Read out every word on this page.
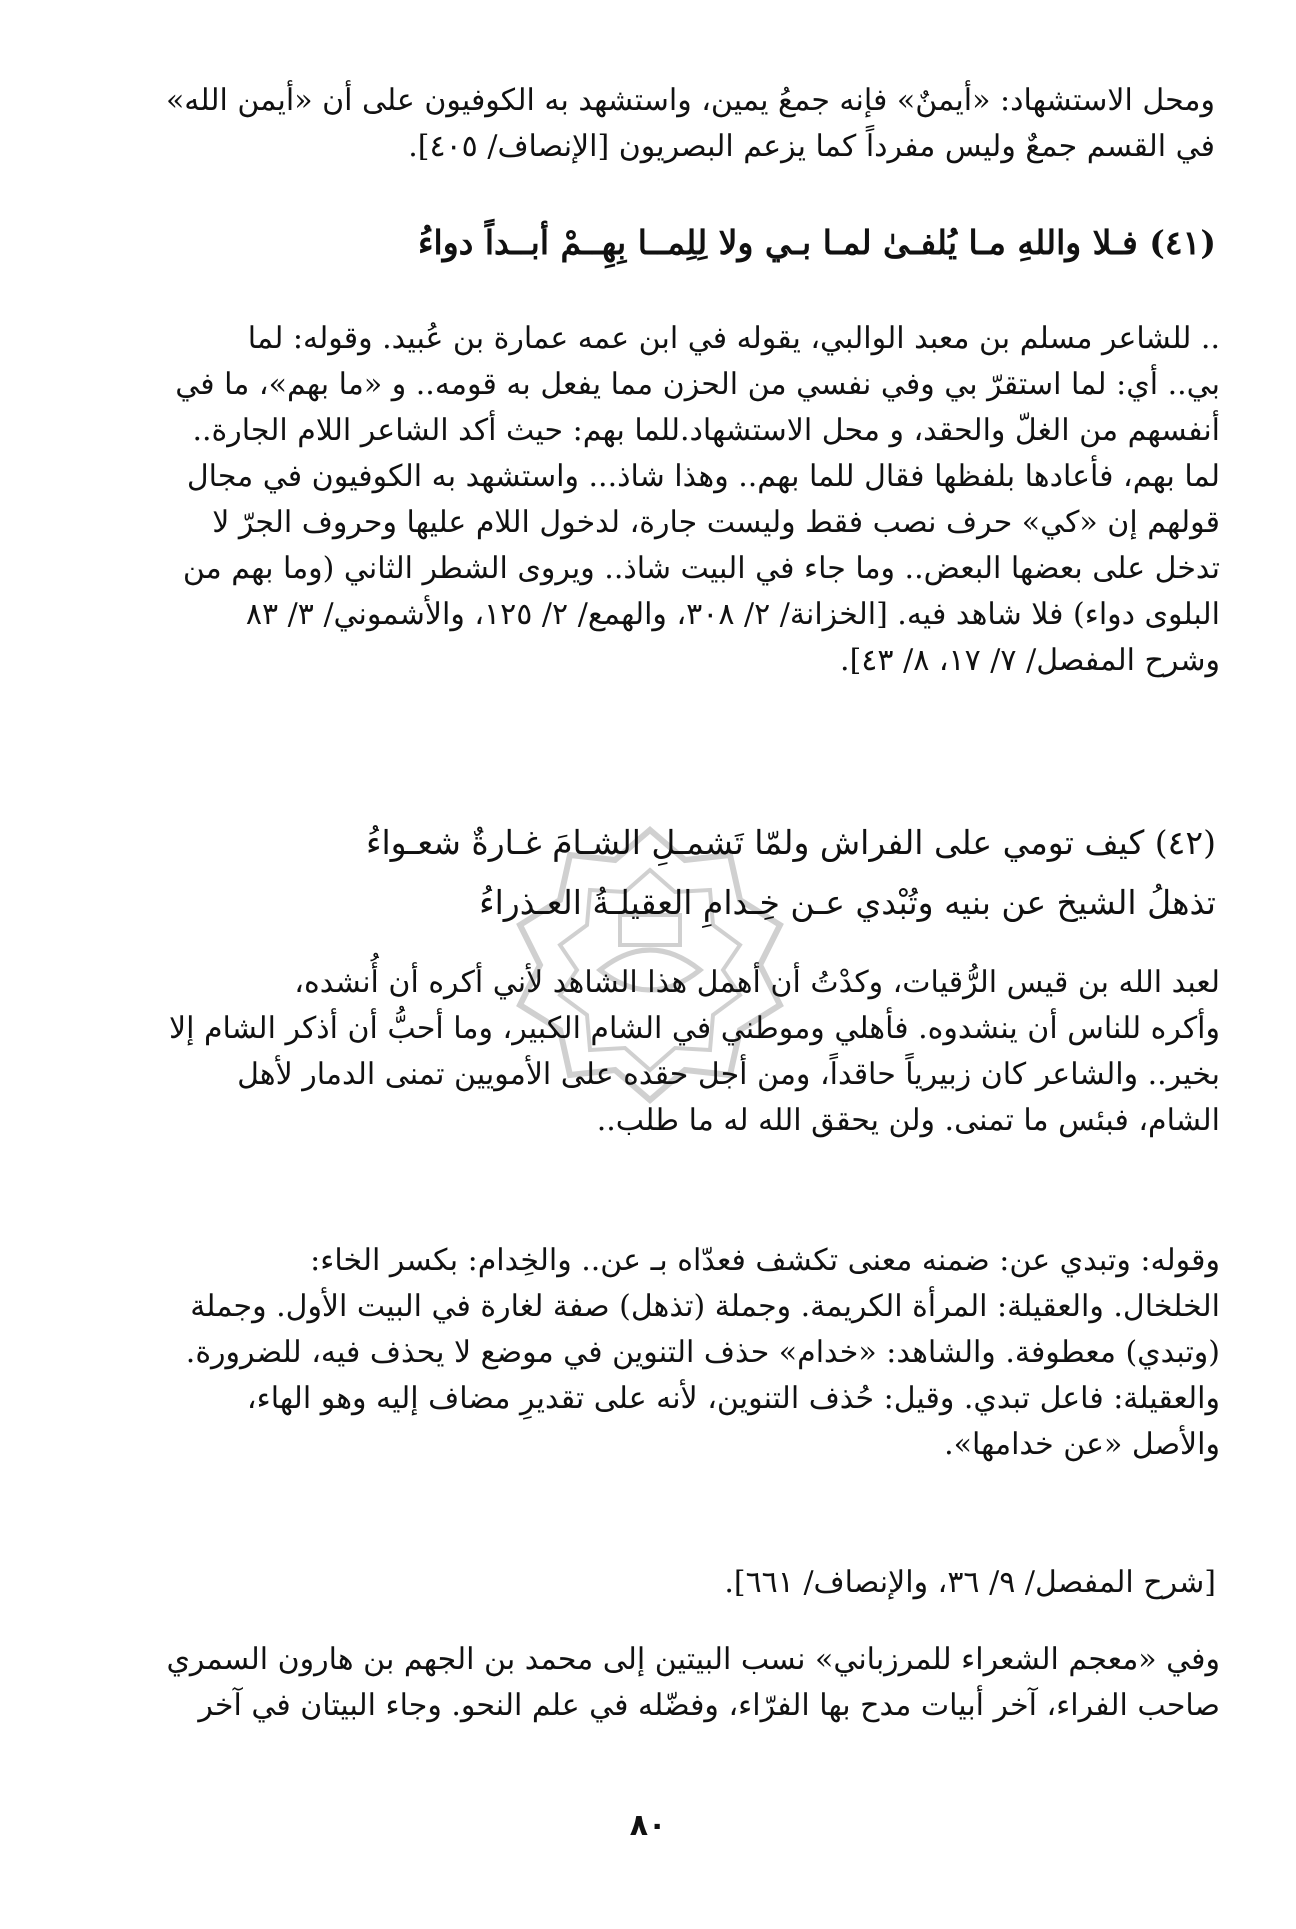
ومحل الاستشهاد: «أيمنٌ» فإنه جمعُ يمين، واستشهد به الكوفيون على أن «أيمن الله»
في القسم جمعٌ وليس مفرداً كما يزعم البصريون [الإنصاف/ ٤٠٥].
(٤١) فـلا واللهِ مـا يُلفـىٰ لمـا بـي ولا لِلِمــا بِهِــمْ أبــداً دواءُ
.. للشاعر مسلم بن معبد الوالبي، يقوله في ابن عمه عمارة بن عُبيد. وقوله: لما
بي.. أي: لما استقرّ بي وفي نفسي من الحزن مما يفعل به قومه.. و «ما بهم»، ما في
أنفسهم من الغلّ والحقد، و محل الاستشهاد.للما بهم: حيث أكد الشاعر اللام الجارة..
لما بهم، فأعادها بلفظها فقال للما بهم.. وهذا شاذ... واستشهد به الكوفيون في مجال
قولهم إن «كي» حرف نصب فقط وليست جارة، لدخول اللام عليها وحروف الجرّ لا
تدخل على بعضها البعض.. وما جاء في البيت شاذ.. ويروى الشطر الثاني (وما بهم من
البلوى دواء) فلا شاهد فيه. [الخزانة/ ٢/ ٣٠٨، والهمع/ ٢/ ١٢٥، والأشموني/ ٣/ ٨٣
وشرح المفصل/ ٧/ ١٧، ٨/ ٤٣].
(٤٢) كيف تومي على الفراش ولمّا تَشمـلِ الشـامَ غـارةٌ شعـواءُ
تذهلُ الشيخ عن بنيه وتُبْدي عـن خِـدامِ العقيلـةُ العـذراءُ
لعبد الله بن قيس الرُّقيات، وكدْتُ أن أهمل هذا الشاهد لأني أكره أن أُنشده،
وأكره للناس أن ينشدوه. فأهلي وموطني في الشام الكبير، وما أحبُّ أن أذكر الشام إلا
بخير.. والشاعر كان زبيرياً حاقداً، ومن أجل حقده على الأمويين تمنى الدمار لأهل
الشام، فبئس ما تمنى. ولن يحقق الله له ما طلب..
وقوله: وتبدي عن: ضمنه معنى تكشف فعدّاه بـ عن.. والخِدام: بكسر الخاء:
الخلخال. والعقيلة: المرأة الكريمة. وجملة (تذهل) صفة لغارة في البيت الأول. وجملة
(وتبدي) معطوفة. والشاهد: «خدام» حذف التنوين في موضع لا يحذف فيه، للضرورة.
والعقيلة: فاعل تبدي. وقيل: حُذف التنوين، لأنه على تقديرِ مضاف إليه وهو الهاء،
والأصل «عن خدامها».
[شرح المفصل/ ٩/ ٣٦، والإنصاف/ ٦٦١].
وفي «معجم الشعراء للمرزباني» نسب البيتين إلى محمد بن الجهم بن هارون السمري
صاحب الفراء، آخر أبيات مدح بها الفرّاء، وفضّله في علم النحو. وجاء البيتان في آخر
٨٠
